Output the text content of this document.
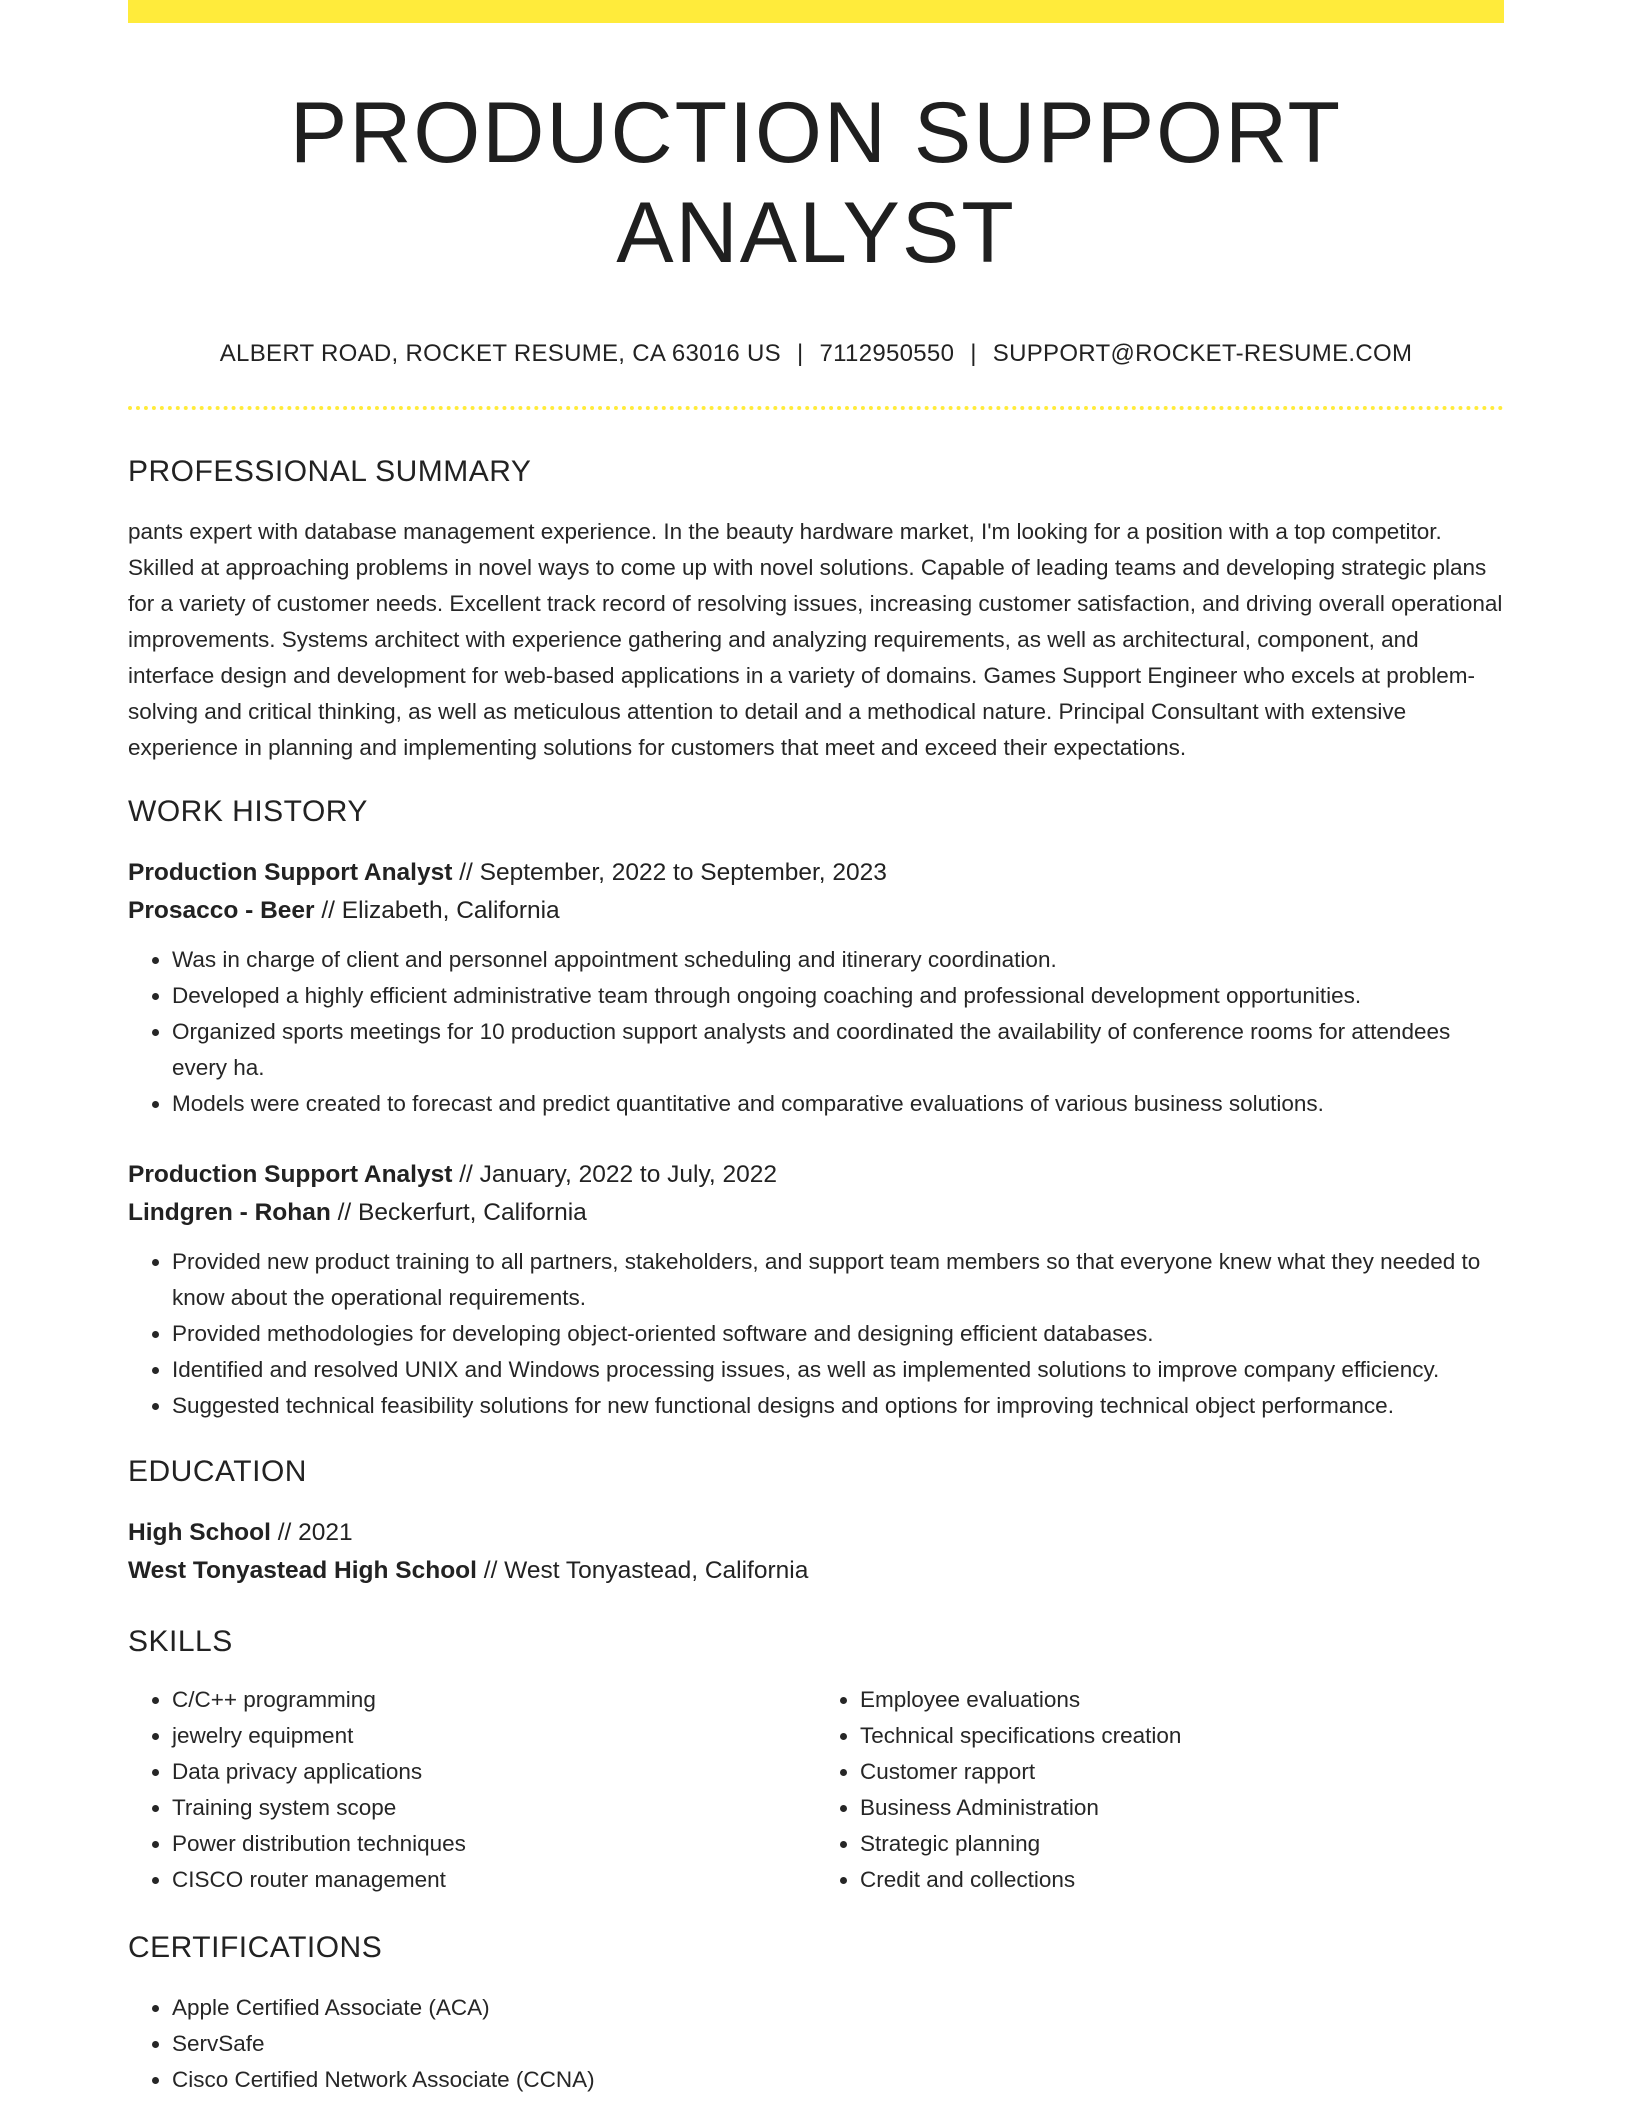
PRODUCTION SUPPORT ANALYST
ALBERT ROAD, ROCKET RESUME, CA 63016 US | 7112950550 | SUPPORT@ROCKET-RESUME.COM
PROFESSIONAL SUMMARY
pants expert with database management experience. In the beauty hardware market, I'm looking for a position with a top competitor. Skilled at approaching problems in novel ways to come up with novel solutions. Capable of leading teams and developing strategic plans for a variety of customer needs. Excellent track record of resolving issues, increasing customer satisfaction, and driving overall operational improvements. Systems architect with experience gathering and analyzing requirements, as well as architectural, component, and interface design and development for web-based applications in a variety of domains. Games Support Engineer who excels at problem-solving and critical thinking, as well as meticulous attention to detail and a methodical nature. Principal Consultant with extensive experience in planning and implementing solutions for customers that meet and exceed their expectations.
WORK HISTORY
Production Support Analyst // September, 2022 to September, 2023
Prosacco - Beer // Elizabeth, California
• Was in charge of client and personnel appointment scheduling and itinerary coordination.
• Developed a highly efficient administrative team through ongoing coaching and professional development opportunities.
• Organized sports meetings for 10 production support analysts and coordinated the availability of conference rooms for attendees every ha.
• Models were created to forecast and predict quantitative and comparative evaluations of various business solutions.
Production Support Analyst // January, 2022 to July, 2022
Lindgren - Rohan // Beckerfurt, California
• Provided new product training to all partners, stakeholders, and support team members so that everyone knew what they needed to know about the operational requirements.
• Provided methodologies for developing object-oriented software and designing efficient databases.
• Identified and resolved UNIX and Windows processing issues, as well as implemented solutions to improve company efficiency.
• Suggested technical feasibility solutions for new functional designs and options for improving technical object performance.
EDUCATION
High School // 2021
West Tonyastead High School // West Tonyastead, California
SKILLS
• C/C++ programming
• jewelry equipment
• Data privacy applications
• Training system scope
• Power distribution techniques
• CISCO router management
• Employee evaluations
• Technical specifications creation
• Customer rapport
• Business Administration
• Strategic planning
• Credit and collections
CERTIFICATIONS
• Apple Certified Associate (ACA)
• ServSafe
• Cisco Certified Network Associate (CCNA)
